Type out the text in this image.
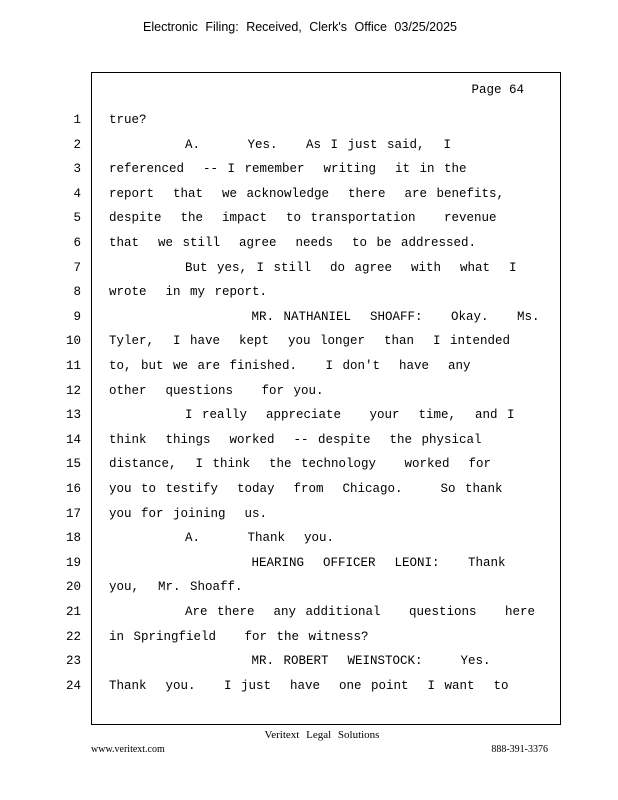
Electronic Filing: Received, Clerk's Office 03/25/2025
Page 64
1 true?
2 A.     Yes.   As I just said,  I
3 referenced  -- I remember  writing  it in the
4 report  that  we acknowledge  there  are benefits,
5 despite  the  impact  to transportation   revenue
6 that  we still  agree  needs  to be addressed.
7 But yes, I still  do agree  with  what  I
8 wrote  in my report.
9 MR. NATHANIEL  SHOAFF:   Okay.   Ms.
10 Tyler,  I have  kept  you longer  than  I intended
11 to, but we are finished.   I don't  have  any
12 other  questions   for you.
13 I really  appreciate   your  time,  and I
14 think  things  worked  -- despite  the physical
15 distance,  I think  the technology   worked  for
16 you to testify  today  from  Chicago.    So thank
17 you for joining  us.
18 A.     Thank  you.
19 HEARING  OFFICER  LEONI:   Thank
20 you,  Mr. Shoaff.
21 Are there  any additional   questions   here
22 in Springfield   for the witness?
23 MR. ROBERT  WEINSTOCK:    Yes.
24 Thank  you.   I just  have  one point  I want  to
Veritext Legal Solutions
www.veritext.com	888-391-3376
